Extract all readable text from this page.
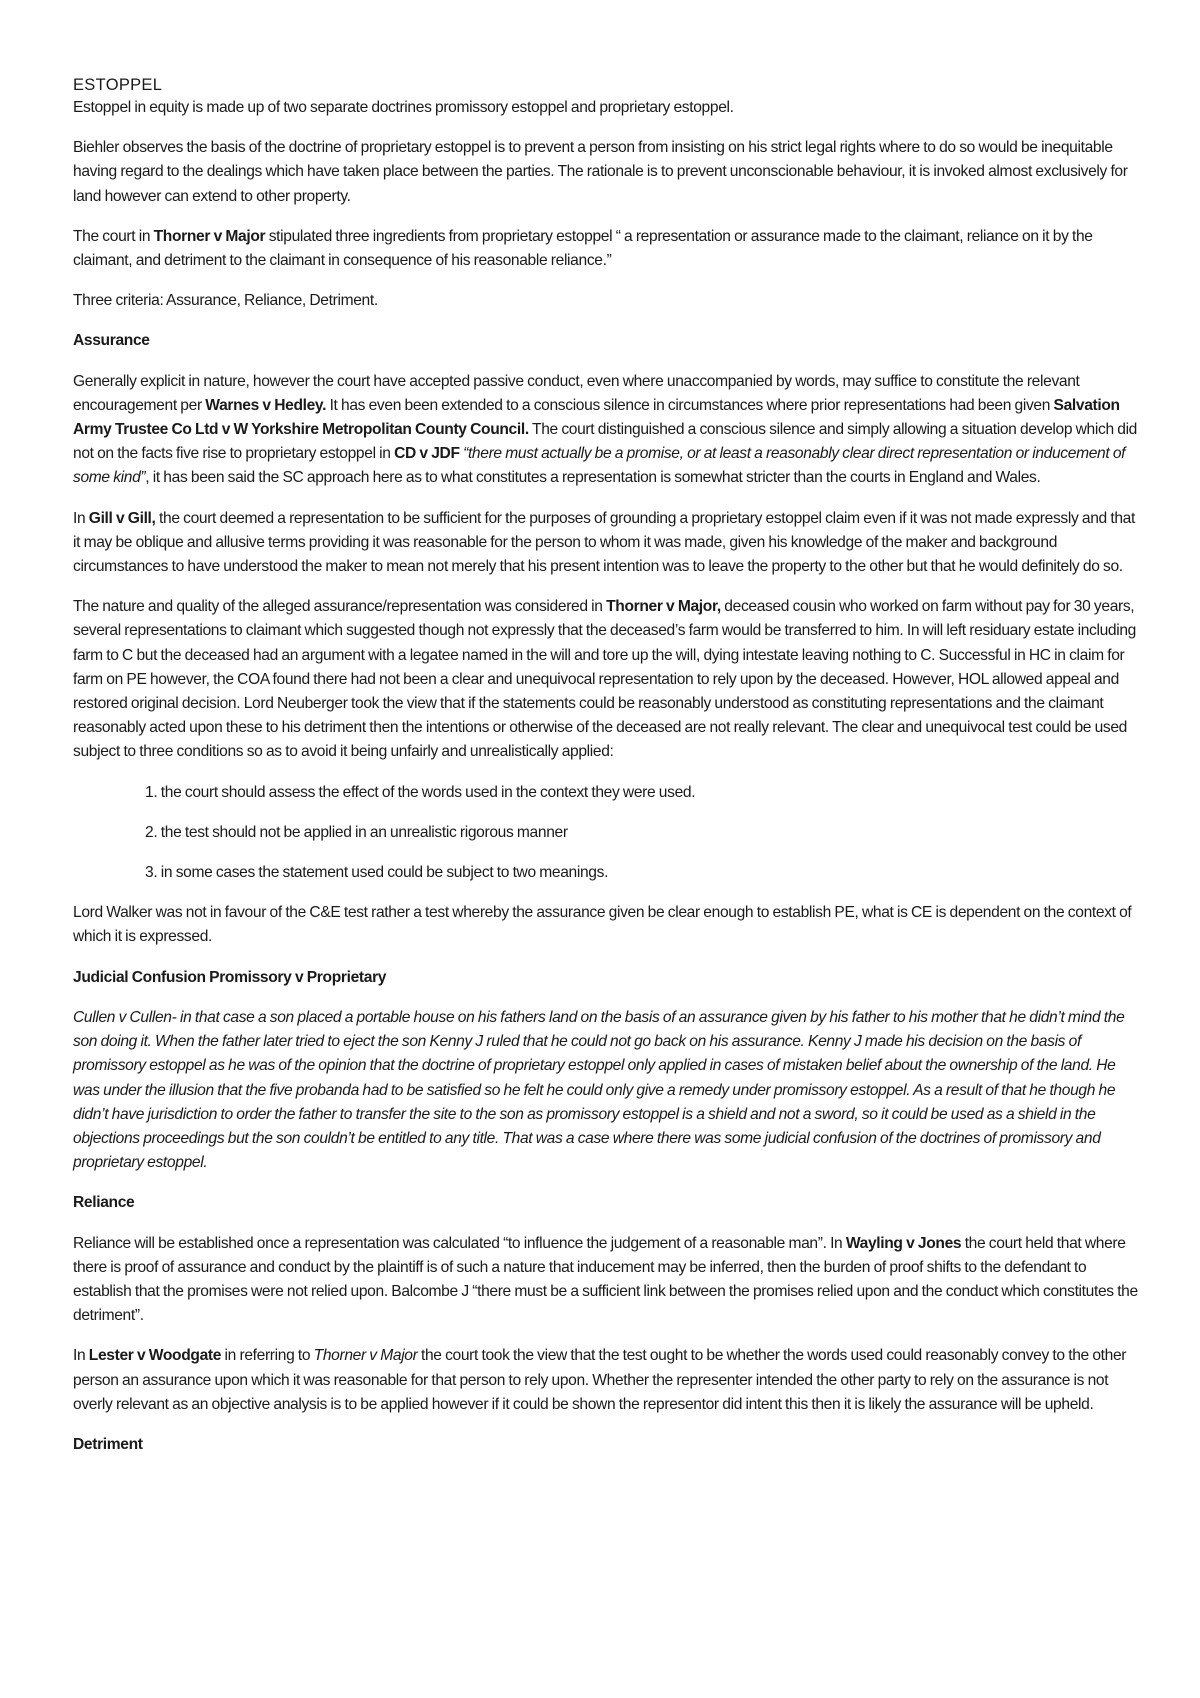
ESTOPPEL

Estoppel in equity is made up of two separate doctrines promissory estoppel and proprietary estoppel.

Biehler observes the basis of the doctrine of proprietary estoppel is to prevent a person from insisting on his strict legal rights where to do so would be inequitable having regard to the dealings which have taken place between the parties. The rationale is to prevent unconscionable behaviour, it is invoked almost exclusively for land however can extend to other property.

The court in Thorner v Major stipulated three ingredients from proprietary estoppel “ a representation or assurance made to the claimant, reliance on it by the claimant, and detriment to the claimant in consequence of his reasonable reliance.”

Three criteria: Assurance, Reliance, Detriment.

Assurance

Generally explicit in nature, however the court have accepted passive conduct, even where unaccompanied by words, may suffice to constitute the relevant encouragement per Warnes v Hedley. It has even been extended to a conscious silence in circumstances where prior representations had been given Salvation Army Trustee Co Ltd v W Yorkshire Metropolitan County Council. The court distinguished a conscious silence and simply allowing a situation develop which did not on the facts five rise to proprietary estoppel in CD v JDF “there must actually be a promise, or at least a reasonably clear direct representation or inducement of some kind”, it has been said the SC approach here as to what constitutes a representation is somewhat stricter than the courts in England and Wales.

In Gill v Gill, the court deemed a representation to be sufficient for the purposes of grounding a proprietary estoppel claim even if it was not made expressly and that it may be oblique and allusive terms providing it was reasonable for the person to whom it was made, given his knowledge of the maker and background circumstances to have understood the maker to mean not merely that his present intention was to leave the property to the other but that he would definitely do so.

The nature and quality of the alleged assurance/representation was considered in Thorner v Major, deceased cousin who worked on farm without pay for 30 years, several representations to claimant which suggested though not expressly that the deceased’s farm would be transferred to him. In will left residuary estate including farm to C but the deceased had an argument with a legatee named in the will and tore up the will, dying intestate leaving nothing to C. Successful in HC in claim for farm on PE however, the COA found there had not been a clear and unequivocal representation to rely upon by the deceased. However, HOL allowed appeal and restored original decision. Lord Neuberger took the view that if the statements could be reasonably understood as constituting representations and the claimant reasonably acted upon these to his detriment then the intentions or otherwise of the deceased are not really relevant. The clear and unequivocal test could be used subject to three conditions so as to avoid it being unfairly and unrealistically applied:

1. the court should assess the effect of the words used in the context they were used.
2. the test should not be applied in an unrealistic rigorous manner
3. in some cases the statement used could be subject to two meanings.

Lord Walker was not in favour of the C&E test rather a test whereby the assurance given be clear enough to establish PE, what is CE is dependent on the context of which it is expressed.

Judicial Confusion Promissory v Proprietary

Cullen v Cullen- in that case a son placed a portable house on his fathers land on the basis of an assurance given by his father to his mother that he didn’t mind the son doing it. When the father later tried to eject the son Kenny J ruled that he could not go back on his assurance. Kenny J made his decision on the basis of promissory estoppel as he was of the opinion that the doctrine of proprietary estoppel only applied in cases of mistaken belief about the ownership of the land. He was under the illusion that the five probanda had to be satisfied so he felt he could only give a remedy under promissory estoppel. As a result of that he though he didn’t have jurisdiction to order the father to transfer the site to the son as promissory estoppel is a shield and not a sword, so it could be used as a shield in the objections proceedings but the son couldn’t be entitled to any title. That was a case where there was some judicial confusion of the doctrines of promissory and proprietary estoppel.

Reliance

Reliance will be established once a representation was calculated “to influence the judgement of a reasonable man”. In Wayling v Jones the court held that where there is proof of assurance and conduct by the plaintiff is of such a nature that inducement may be inferred, then the burden of proof shifts to the defendant to establish that the promises were not relied upon. Balcombe J “there must be a sufficient link between the promises relied upon and the conduct which constitutes the detriment”.

In Lester v Woodgate in referring to Thorner v Major the court took the view that the test ought to be whether the words used could reasonably convey to the other person an assurance upon which it was reasonable for that person to rely upon. Whether the representer intended the other party to rely on the assurance is not overly relevant as an objective analysis is to be applied however if it could be shown the representor did intent this then it is likely the assurance will be upheld.

Detriment
